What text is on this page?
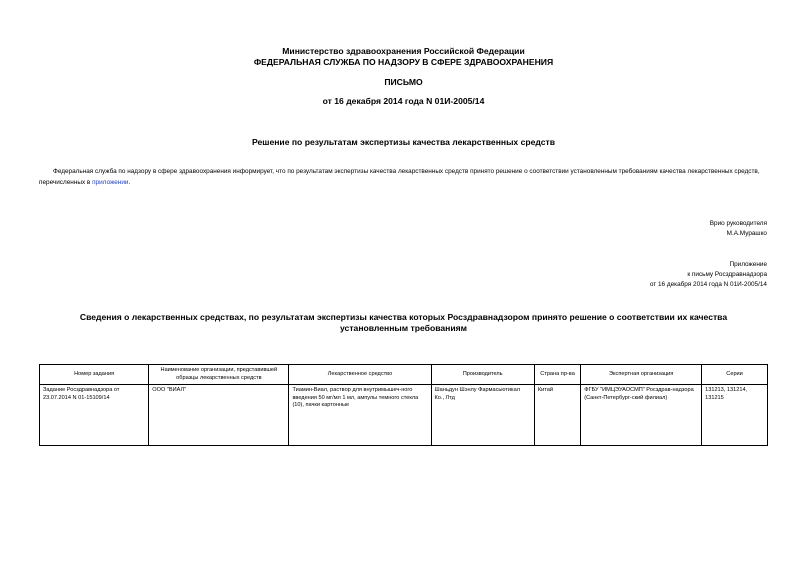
Министерство здравоохранения Российской Федерации
ФЕДЕРАЛЬНАЯ СЛУЖБА ПО НАДЗОРУ В СФЕРЕ ЗДРАВООХРАНЕНИЯ
ПИСЬМО
от 16 декабря 2014 года N 01И-2005/14
Решение по результатам экспертизы качества лекарственных средств
Федеральная служба по надзору в сфере здравоохранения информирует, что по результатам экспертизы качества лекарственных средств принято решение о соответствии установленным требованиям качества лекарственных средств, перечисленных в приложении.
Врио руководителя
М.А.Мурашко
Приложение
к письму Росздравнадзора
от 16 декабря 2014 года N 01И-2005/14
Сведения о лекарственных средствах, по результатам экспертизы качества которых Росздравнадзором принято решение о соответствии их качества установленным требованиям
Номер задания	Наименование организации, представившей образцы лекарственных средств	Лекарственное средство	Производитель	Страна пр-ва	Экспертная организация	Серии
Задание Росздравнадзора от 23.07.2014 N 01-15109/14	ООО "ВИАЛ"	Тиамин-Виал, раствор для внутримышеч-ного введения 50 мг/мл 1 мл, ампулы темного стекла (10), пачки картонные	Шаньдун Шэнлу Фармасьютикал Ко., Лтд	Китай	ФГБУ "ИМЦЭУАОСМП" Росздрав-надзора (Санкт-Петербург-ский филиал)	131213, 131214, 131215
